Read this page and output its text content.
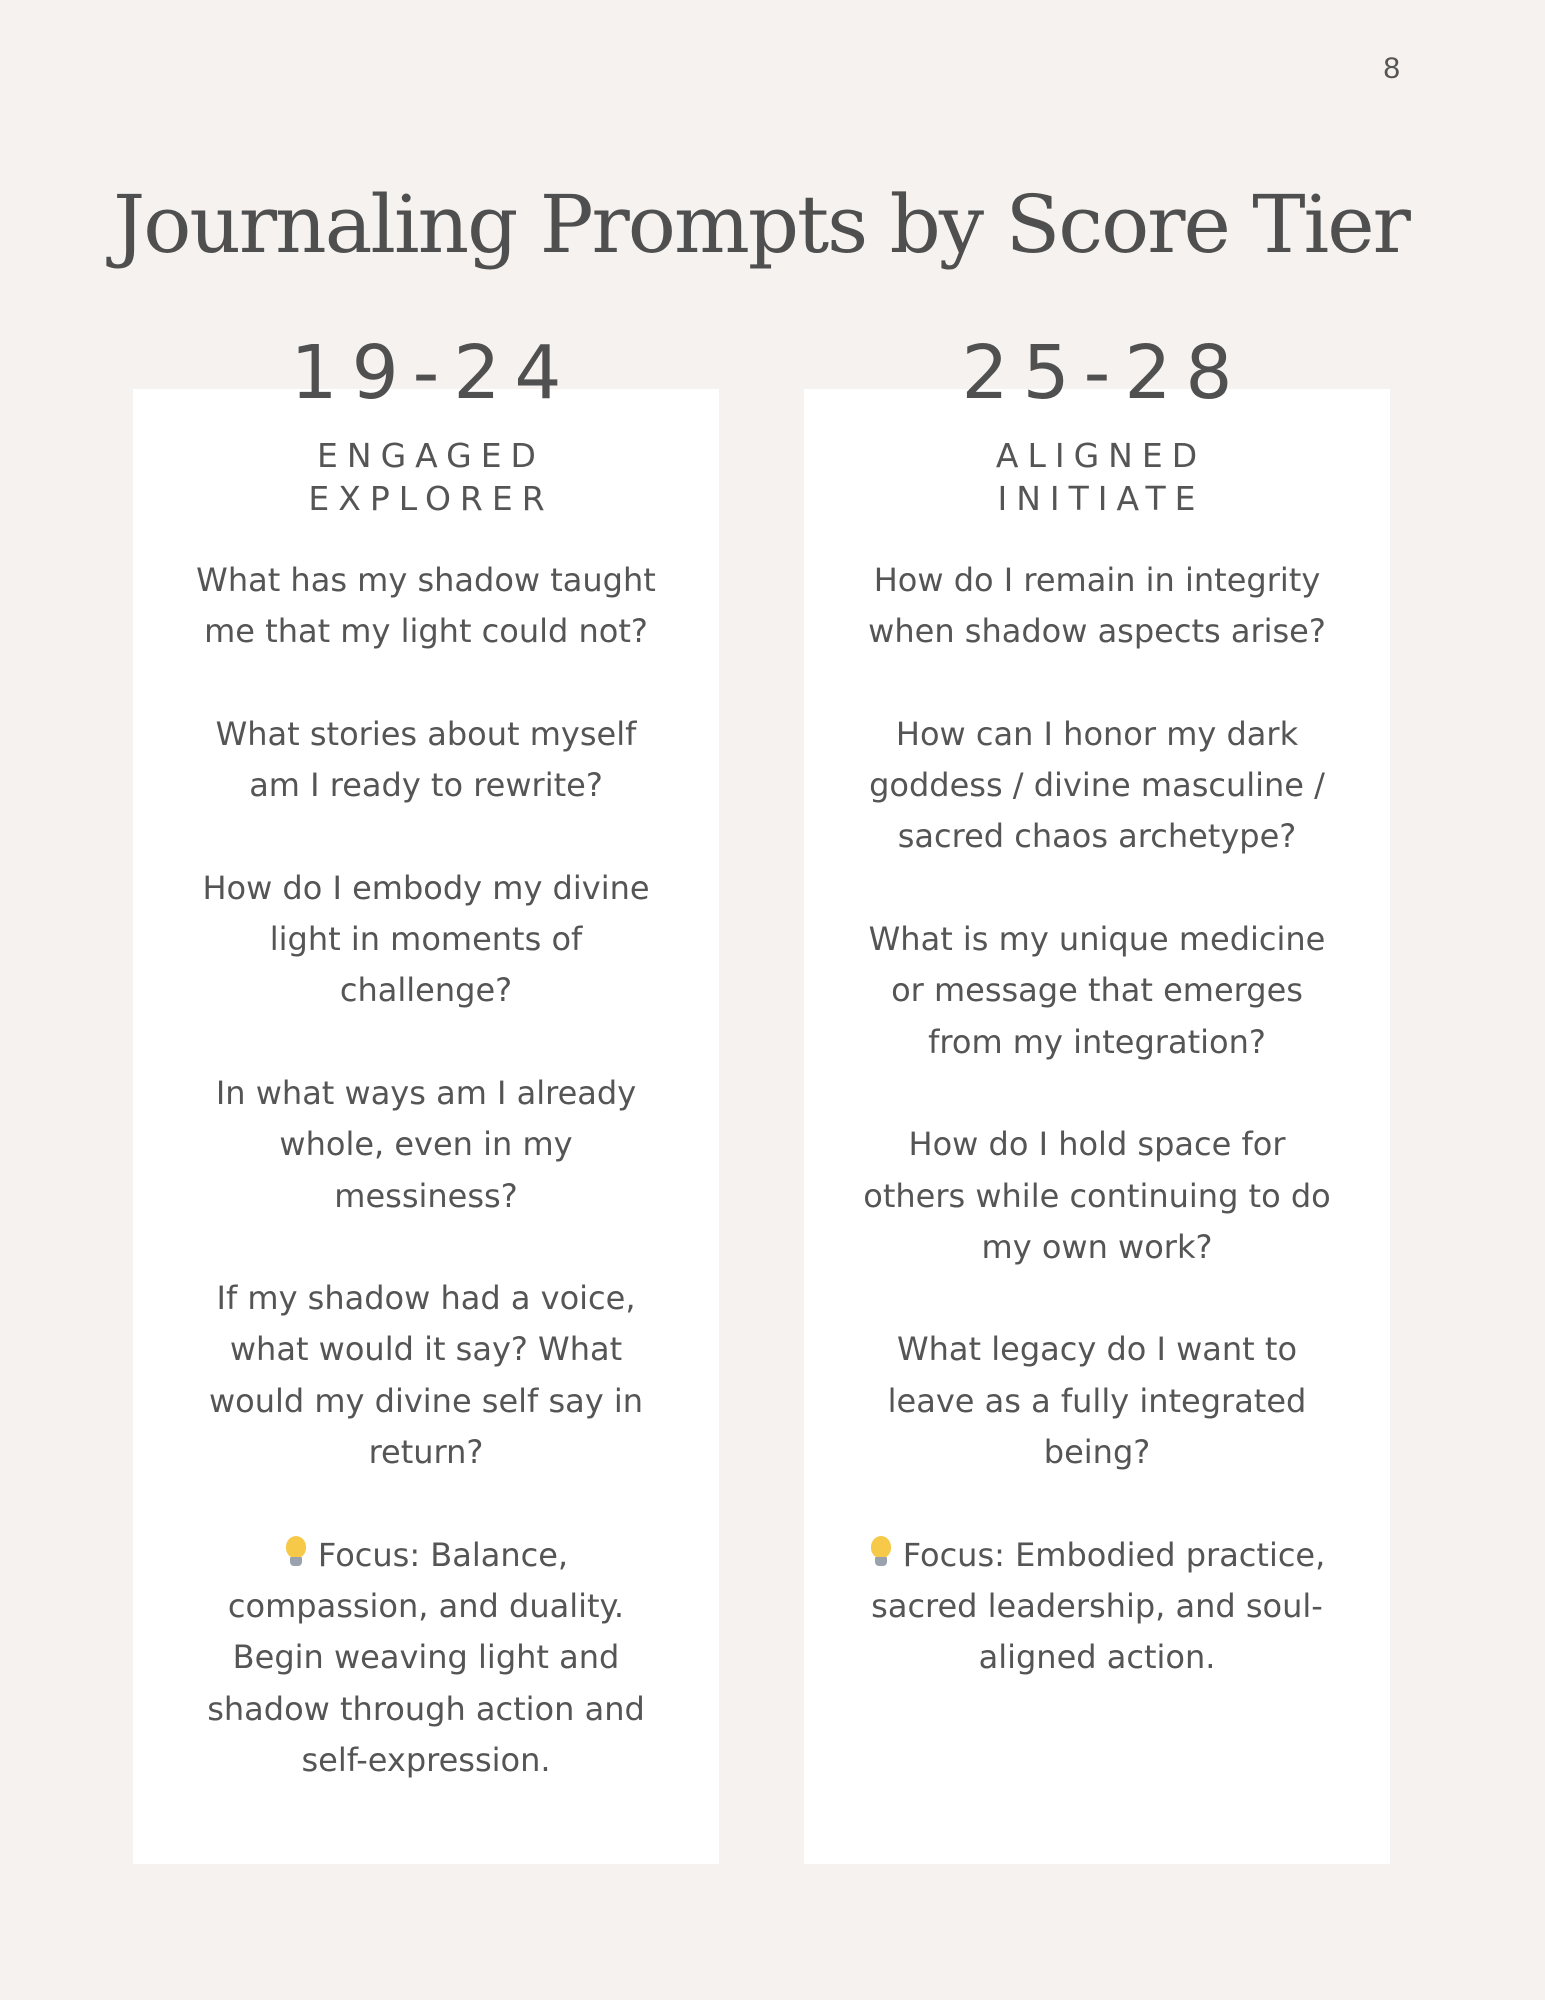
8
Journaling Prompts by Score Tier
19-24
ENGAGED
EXPLORER

What has my shadow taught me that my light could not?

What stories about myself am I ready to rewrite?

How do I embody my divine light in moments of challenge?

In what ways am I already whole, even in my messiness?

If my shadow had a voice, what would it say? What would my divine self say in return?

Focus: Balance, compassion, and duality. Begin weaving light and shadow through action and self-expression.

25-28
ALIGNED
INITIATE

How do I remain in integrity when shadow aspects arise?

How can I honor my dark goddess / divine masculine / sacred chaos archetype?

What is my unique medicine or message that emerges from my integration?

How do I hold space for others while continuing to do my own work?

What legacy do I want to leave as a fully integrated being?

Focus: Embodied practice, sacred leadership, and soul-aligned action.
